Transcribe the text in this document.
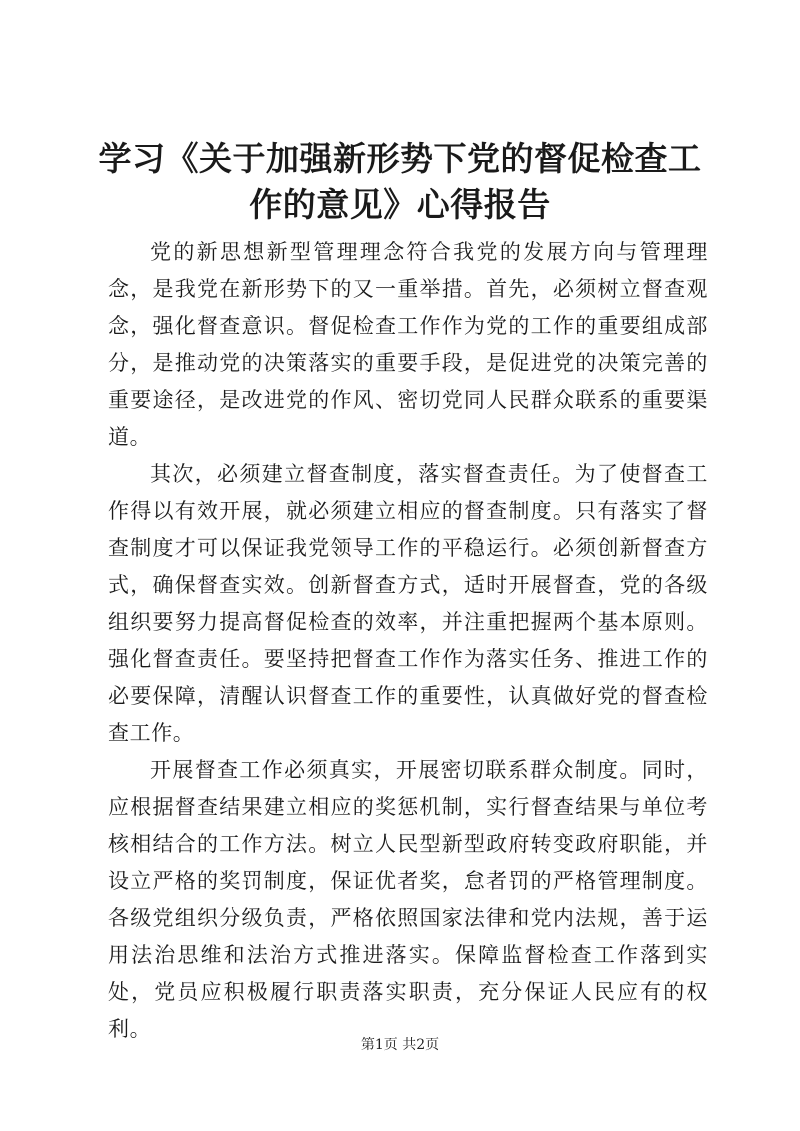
学习《关于加强新形势下党的督促检查工作的意见》心得报告

党的新思想新型管理理念符合我党的发展方向与管理理念，是我党在新形势下的又一重举措。首先，必须树立督查观念，强化督查意识。督促检查工作作为党的工作的重要组成部分，是推动党的决策落实的重要手段，是促进党的决策完善的重要途径，是改进党的作风、密切党同人民群众联系的重要渠道。

其次，必须建立督查制度，落实督查责任。为了使督查工作得以有效开展，就必须建立相应的督查制度。只有落实了督查制度才可以保证我党领导工作的平稳运行。必须创新督查方式，确保督查实效。创新督查方式，适时开展督查，党的各级组织要努力提高督促检查的效率，并注重把握两个基本原则。强化督查责任。要坚持把督查工作作为落实任务、推进工作的必要保障，清醒认识督查工作的重要性，认真做好党的督查检查工作。

开展督查工作必须真实，开展密切联系群众制度。同时，应根据督查结果建立相应的奖惩机制，实行督查结果与单位考核相结合的工作方法。树立人民型新型政府转变政府职能，并设立严格的奖罚制度，保证优者奖，怠者罚的严格管理制度。各级党组织分级负责，严格依照国家法律和党内法规，善于运用法治思维和法治方式推进落实。保障监督检查工作落到实处，党员应积极履行职责落实职责，充分保证人民应有的权利。

第1页 共2页
